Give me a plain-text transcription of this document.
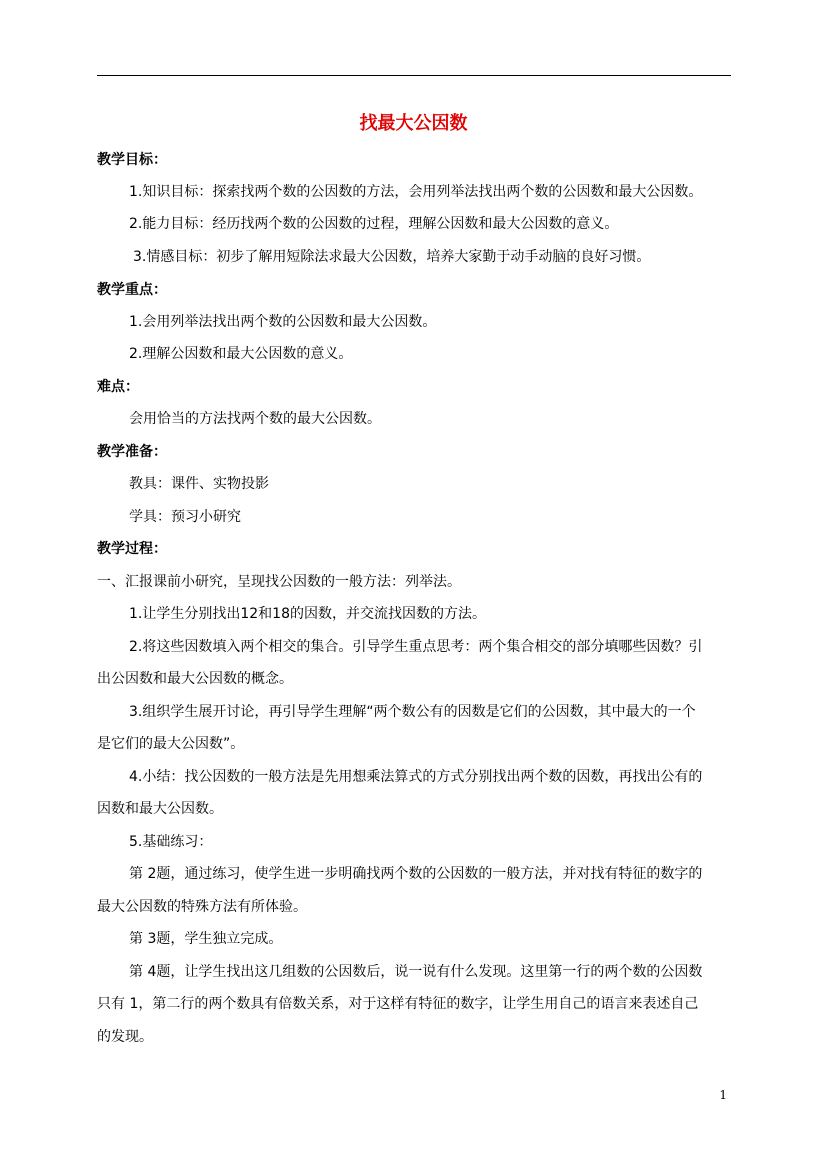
找最大公因数
教学目标：
1.知识目标：探索找两个数的公因数的方法，会用列举法找出两个数的公因数和最大公因数。
2.能力目标：经历找两个数的公因数的过程，理解公因数和最大公因数的意义。
3.情感目标：初步了解用短除法求最大公因数，培养大家勤于动手动脑的良好习惯。
教学重点：
1.会用列举法找出两个数的公因数和最大公因数。
2.理解公因数和最大公因数的意义。
难点：
会用恰当的方法找两个数的最大公因数。
教学准备：
教具：课件、实物投影
学具：预习小研究
教学过程：
一、汇报课前小研究，呈现找公因数的一般方法：列举法。
1.让学生分别找出12和18的因数，并交流找因数的方法。
2.将这些因数填入两个相交的集合。引导学生重点思考：两个集合相交的部分填哪些因数？引
出公因数和最大公因数的概念。
3.组织学生展开讨论，再引导学生理解“两个数公有的因数是它们的公因数，其中最大的一个
是它们的最大公因数”。
4.小结：找公因数的一般方法是先用想乘法算式的方式分别找出两个数的因数，再找出公有的
因数和最大公因数。
5.基础练习：
第 2题，通过练习，使学生进一步明确找两个数的公因数的一般方法，并对找有特征的数字的
最大公因数的特殊方法有所体验。
第 3题，学生独立完成。
第 4题，让学生找出这几组数的公因数后，说一说有什么发现。这里第一行的两个数的公因数
只有 1，第二行的两个数具有倍数关系，对于这样有特征的数字，让学生用自己的语言来表述自己
的发现。
1
